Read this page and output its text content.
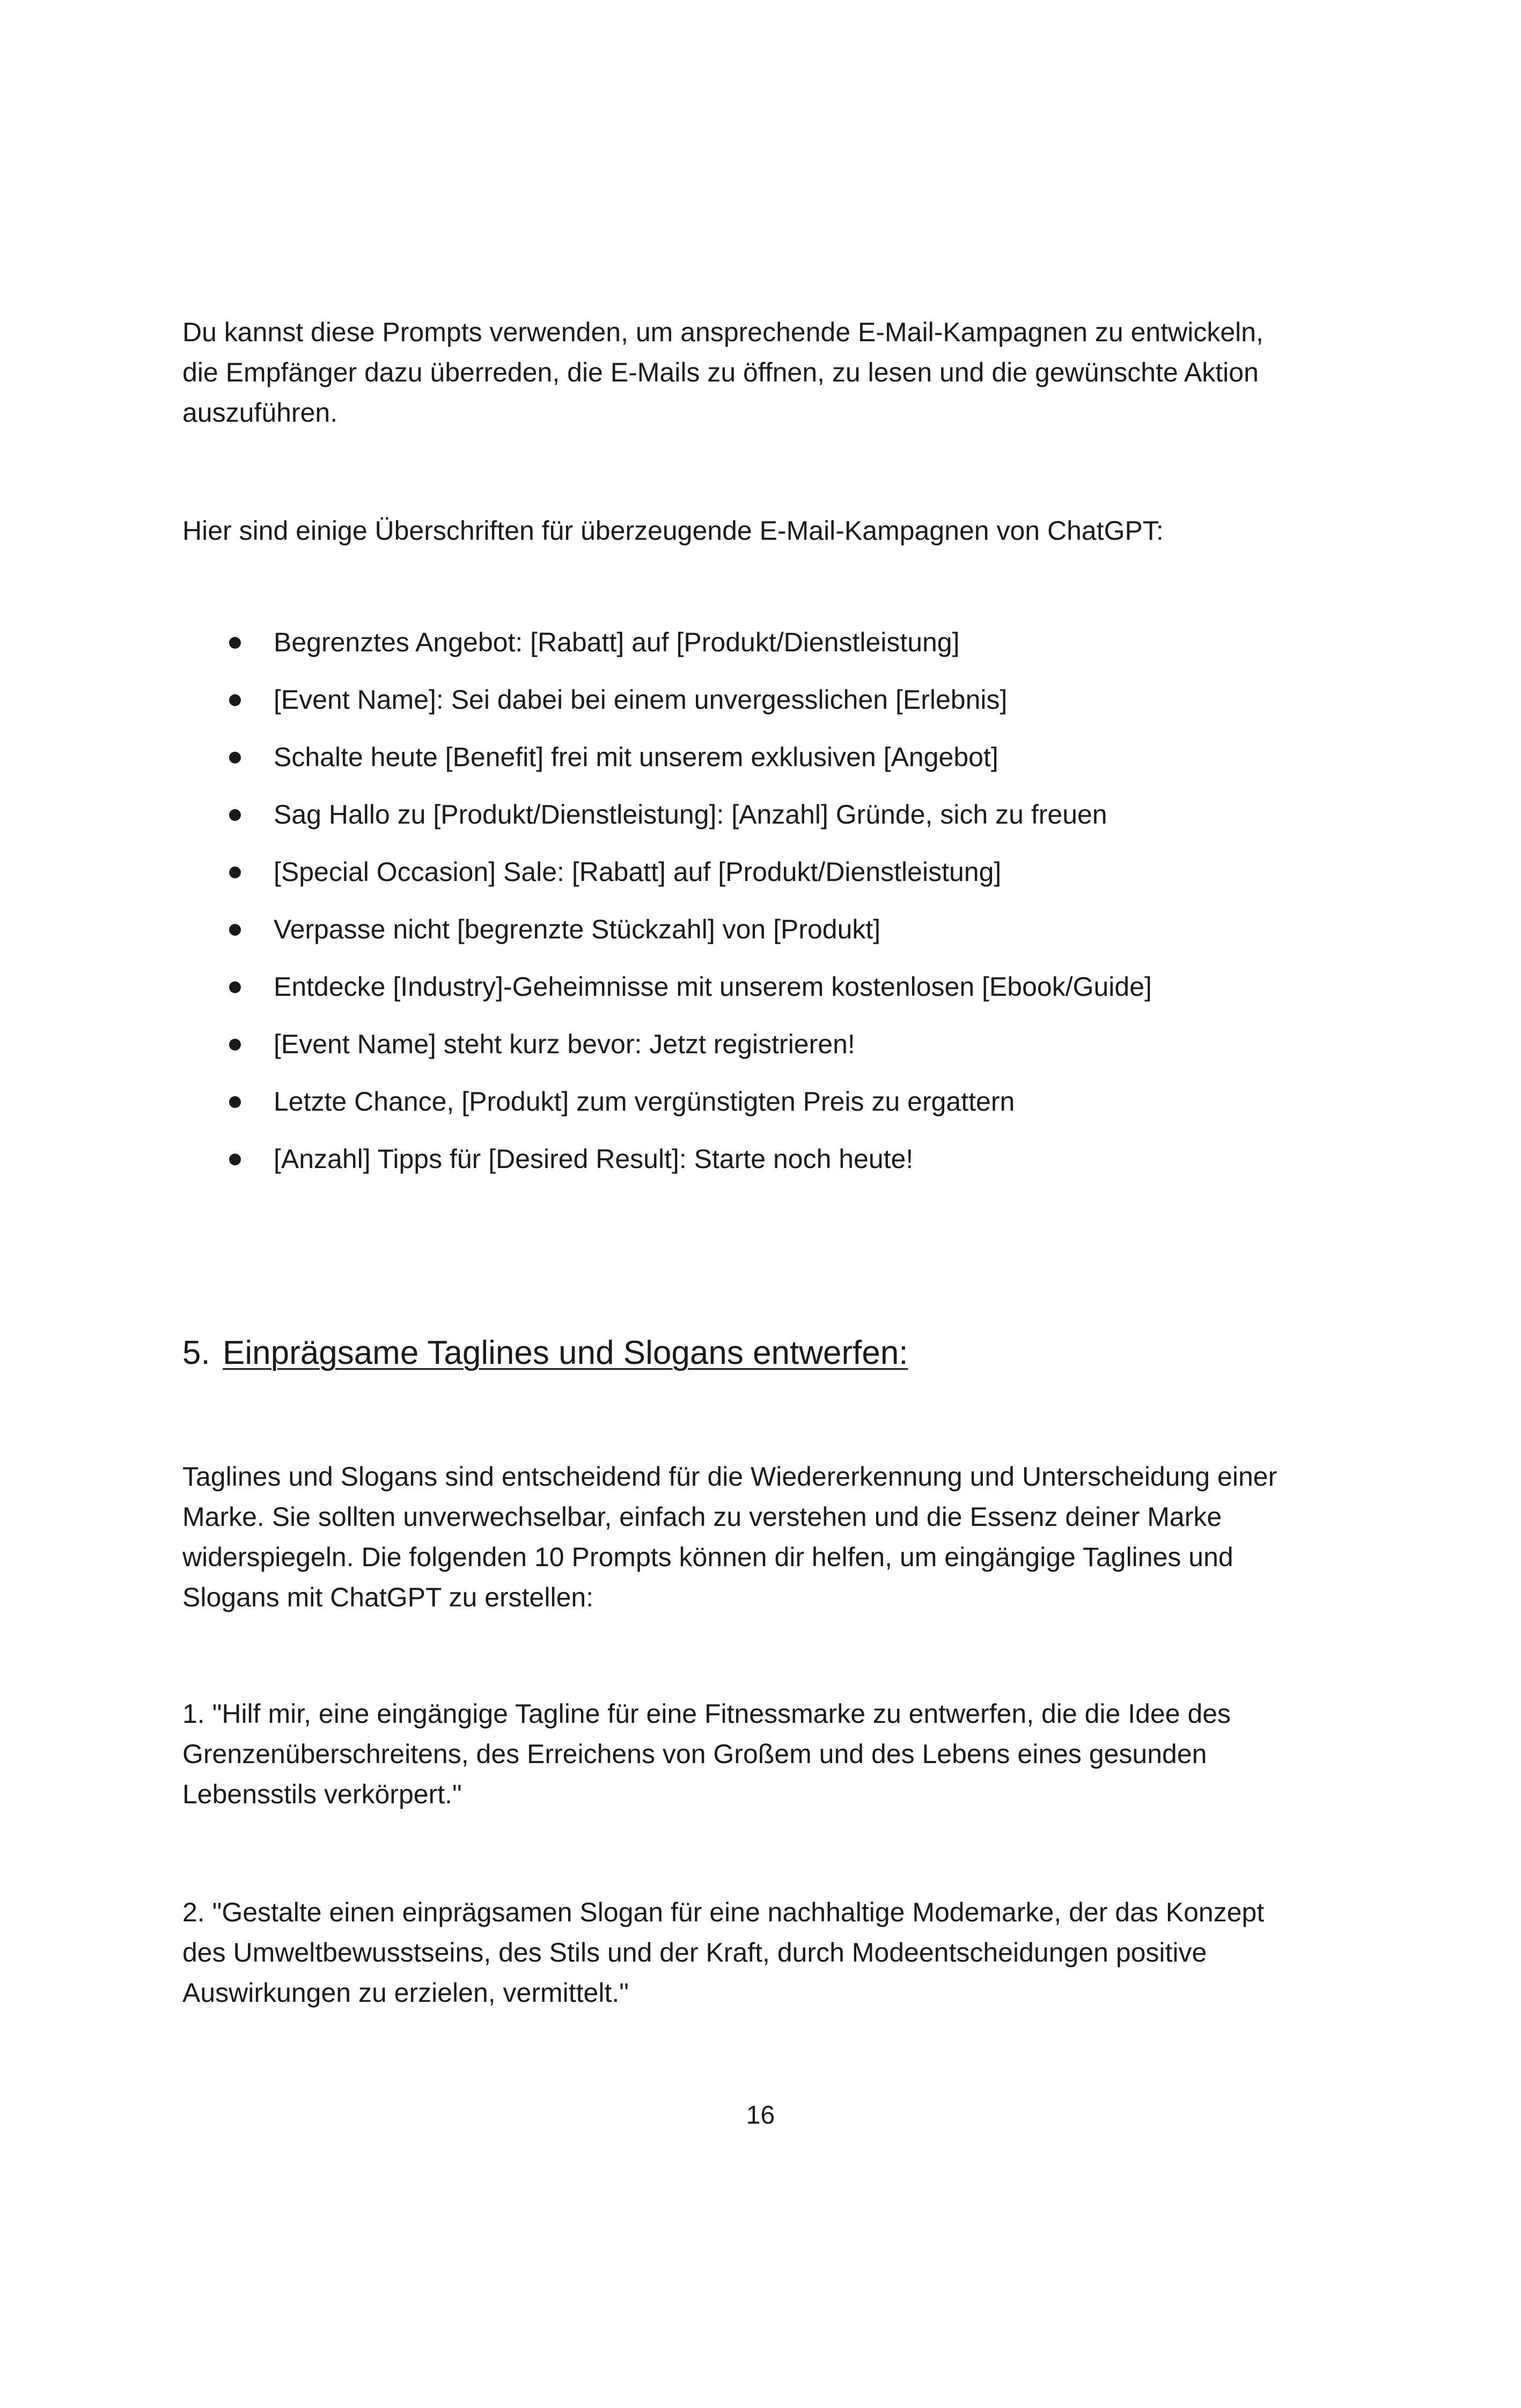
Du kannst diese Prompts verwenden, um ansprechende E-Mail-Kampagnen zu entwickeln,
die Empfänger dazu überreden, die E-Mails zu öffnen, zu lesen und die gewünschte Aktion
auszuführen.

Hier sind einige Überschriften für überzeugende E-Mail-Kampagnen von ChatGPT:

Begrenztes Angebot: [Rabatt] auf [Produkt/Dienstleistung]
[Event Name]: Sei dabei bei einem unvergesslichen [Erlebnis]
Schalte heute [Benefit] frei mit unserem exklusiven [Angebot]
Sag Hallo zu [Produkt/Dienstleistung]: [Anzahl] Gründe, sich zu freuen
[Special Occasion] Sale: [Rabatt] auf [Produkt/Dienstleistung]
Verpasse nicht [begrenzte Stückzahl] von [Produkt]
Entdecke [Industry]-Geheimnisse mit unserem kostenlosen [Ebook/Guide]
[Event Name] steht kurz bevor: Jetzt registrieren!
Letzte Chance, [Produkt] zum vergünstigten Preis zu ergattern
[Anzahl] Tipps für [Desired Result]: Starte noch heute!
5. Einprägsame Taglines und Slogans entwerfen:

Taglines und Slogans sind entscheidend für die Wiedererkennung und Unterscheidung einer
Marke. Sie sollten unverwechselbar, einfach zu verstehen und die Essenz deiner Marke
widerspiegeln. Die folgenden 10 Prompts können dir helfen, um eingängige Taglines und
Slogans mit ChatGPT zu erstellen:

1. "Hilf mir, eine eingängige Tagline für eine Fitnessmarke zu entwerfen, die die Idee des
Grenzenüberschreitens, des Erreichens von Großem und des Lebens eines gesunden
Lebensstils verkörpert."

2. "Gestalte einen einprägsamen Slogan für eine nachhaltige Modemarke, der das Konzept
des Umweltbewusstseins, des Stils und der Kraft, durch Modeentscheidungen positive
Auswirkungen zu erzielen, vermittelt."

16
